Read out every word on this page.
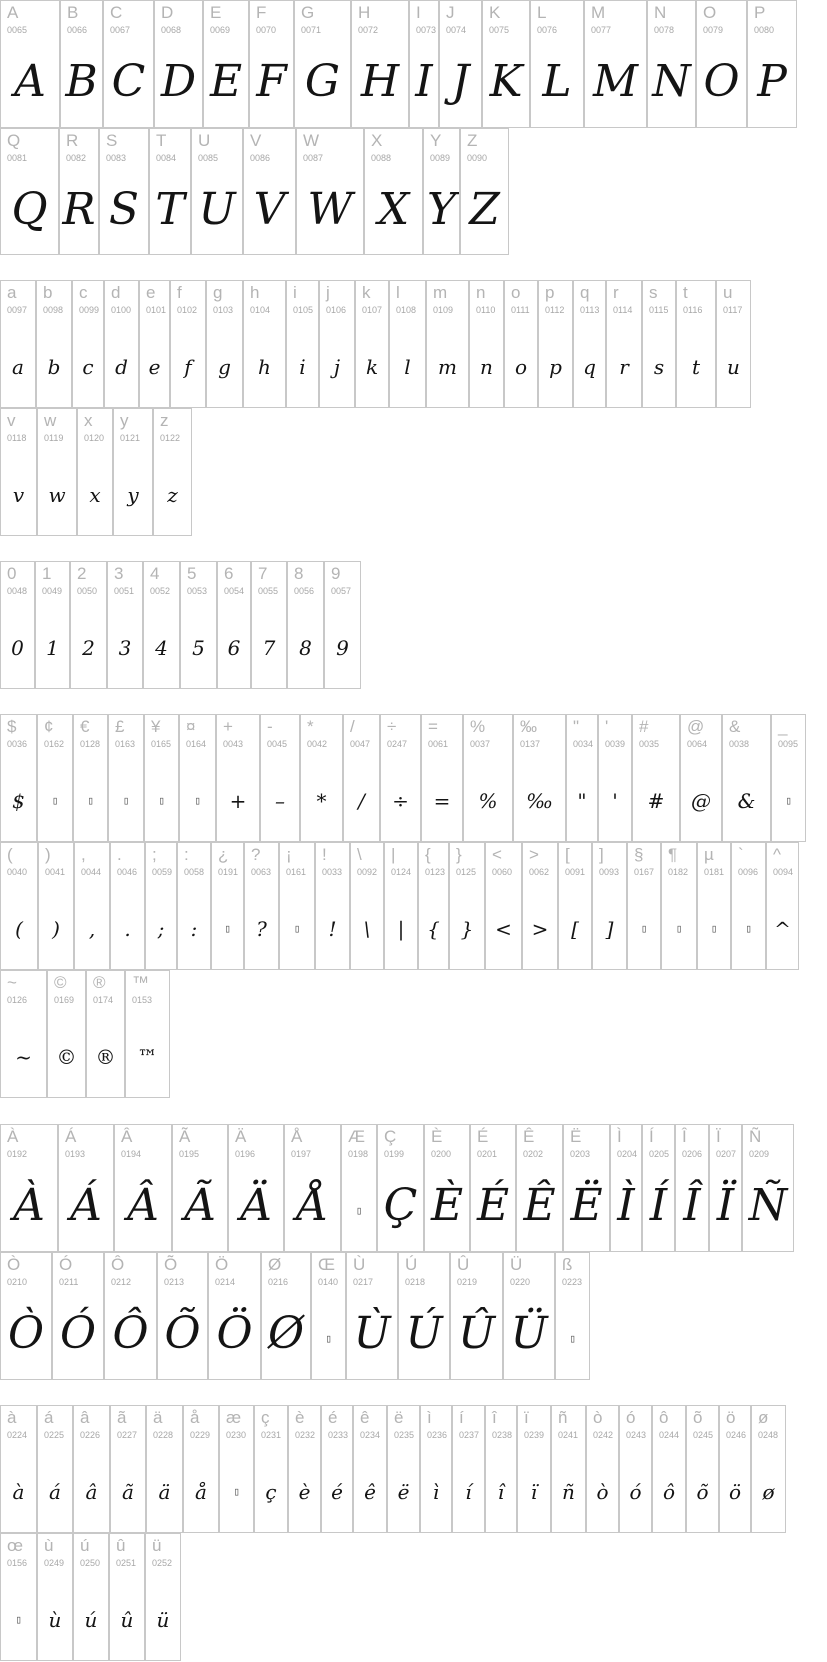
A
0065
A
B
0066
B
C
0067
C
D
0068
D
E
0069
E
F
0070
F
G
0071
G
H
0072
H
I
0073
I
J
0074
J
K
0075
K
L
0076
L
M
0077
M
N
0078
N
O
0079
O
P
0080
P
Q
0081
Q
R
0082
R
S
0083
S
T
0084
T
U
0085
U
V
0086
V
W
0087
W
X
0088
X
Y
0089
Y
Z
0090
Z
a
0097
a
b
0098
b
c
0099
c
d
0100
d
e
0101
e
f
0102
f
g
0103
g
h
0104
h
i
0105
i
j
0106
j
k
0107
k
l
0108
l
m
0109
m
n
0110
n
o
0111
o
p
0112
p
q
0113
q
r
0114
r
s
0115
s
t
0116
t
u
0117
u
v
0118
v
w
0119
w
x
0120
x
y
0121
y
z
0122
z
0
0048
0
1
0049
1
2
0050
2
3
0051
3
4
0052
4
5
0053
5
6
0054
6
7
0055
7
8
0056
8
9
0057
9
$
0036
$
¢
0162
▯
€
0128
▯
£
0163
▯
¥
0165
▯
¤
0164
▯
+
0043
+
-
0045
–
*
0042
*
/
0047
/
÷
0247
÷
=
0061
=
%
0037
%
‰
0137
‰
"
0034
"
'
0039
'
#
0035
#
@
0064
@
&
0038
&
_
0095
▯
(
0040
(
)
0041
)
,
0044
,
.
0046
.
;
0059
;
:
0058
:
¿
0191
▯
?
0063
?
¡
0161
▯
!
0033
!
\
0092
\
|
0124
|
{
0123
{
}
0125
}
<
0060
<
>
0062
>
[
0091
[
]
0093
]
§
0167
▯
¶
0182
▯
µ
0181
▯
`
0096
▯
^
0094
^
~
0126
~
©
0169
©
®
0174
®
™
0153
™
À
0192
À
Á
0193
Á
Â
0194
Â
Ã
0195
Ã
Ä
0196
Ä
Å
0197
Å
Æ
0198
▯
Ç
0199
Ç
È
0200
È
É
0201
É
Ê
0202
Ê
Ë
0203
Ë
Ì
0204
Ì
Í
0205
Í
Î
0206
Î
Ï
0207
Ï
Ñ
0209
Ñ
Ò
0210
Ò
Ó
0211
Ó
Ô
0212
Ô
Õ
0213
Õ
Ö
0214
Ö
Ø
0216
Ø
Œ
0140
▯
Ù
0217
Ù
Ú
0218
Ú
Û
0219
Û
Ü
0220
Ü
ß
0223
▯
à
0224
à
á
0225
á
â
0226
â
ã
0227
ã
ä
0228
ä
å
0229
å
æ
0230
▯
ç
0231
ç
è
0232
è
é
0233
é
ê
0234
ê
ë
0235
ë
ì
0236
ì
í
0237
í
î
0238
î
ï
0239
ï
ñ
0241
ñ
ò
0242
ò
ó
0243
ó
ô
0244
ô
õ
0245
õ
ö
0246
ö
ø
0248
ø
œ
0156
▯
ù
0249
ù
ú
0250
ú
û
0251
û
ü
0252
ü
